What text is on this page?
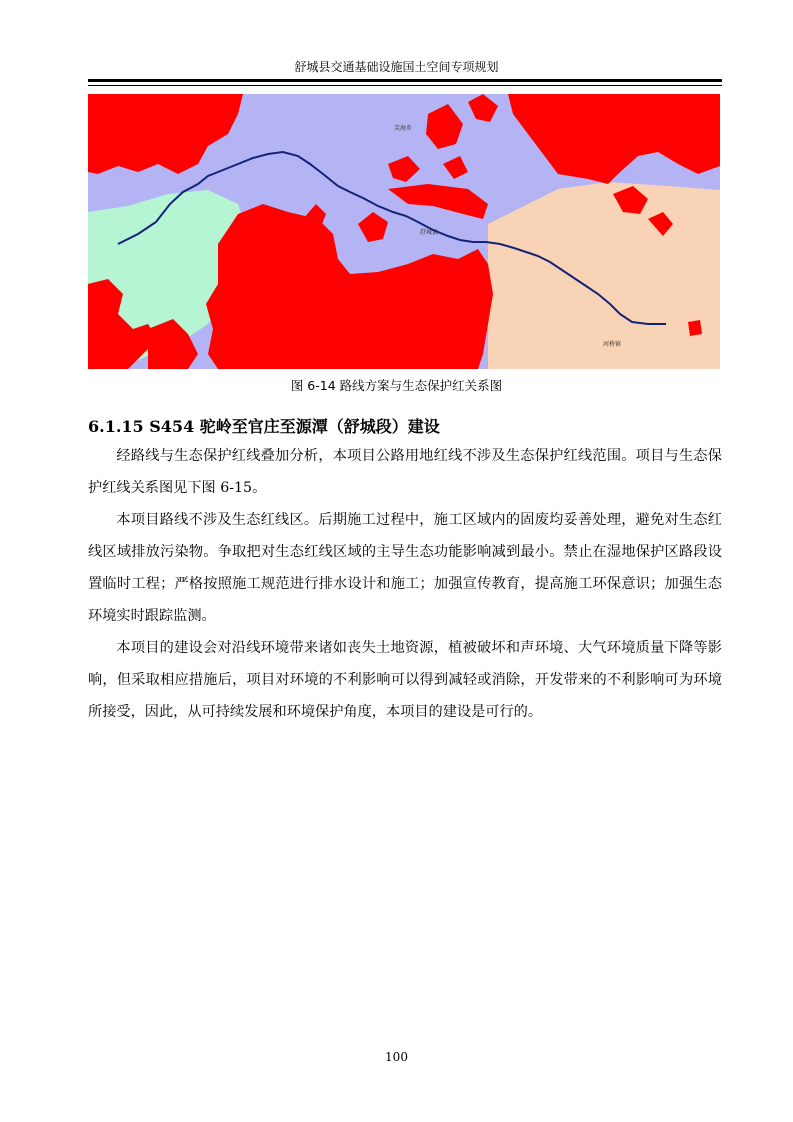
舒城县交通基础设施国土空间专项规划
芙海乡
舒城县
河桥镇
图 6-14 路线方案与生态保护红关系图
6.1.15 S454 驼岭至官庄至源潭（舒城段）建设

经路线与生态保护红线叠加分析，本项目公路用地红线不涉及生态保护红线范围。项目与生态保护红线关系图见下图 6-15。

本项目路线不涉及生态红线区。后期施工过程中，施工区域内的固废均妥善处理，避免对生态红线区域排放污染物。争取把对生态红线区域的主导生态功能影响减到最小。禁止在湿地保护区路段设置临时工程；严格按照施工规范进行排水设计和施工；加强宣传教育，提高施工环保意识；加强生态环境实时跟踪监测。

本项目的建设会对沿线环境带来诸如丧失土地资源，植被破坏和声环境、大气环境质量下降等影响，但采取相应措施后，项目对环境的不利影响可以得到减轻或消除，开发带来的不利影响可为环境所接受，因此，从可持续发展和环境保护角度，本项目的建设是可行的。

100
